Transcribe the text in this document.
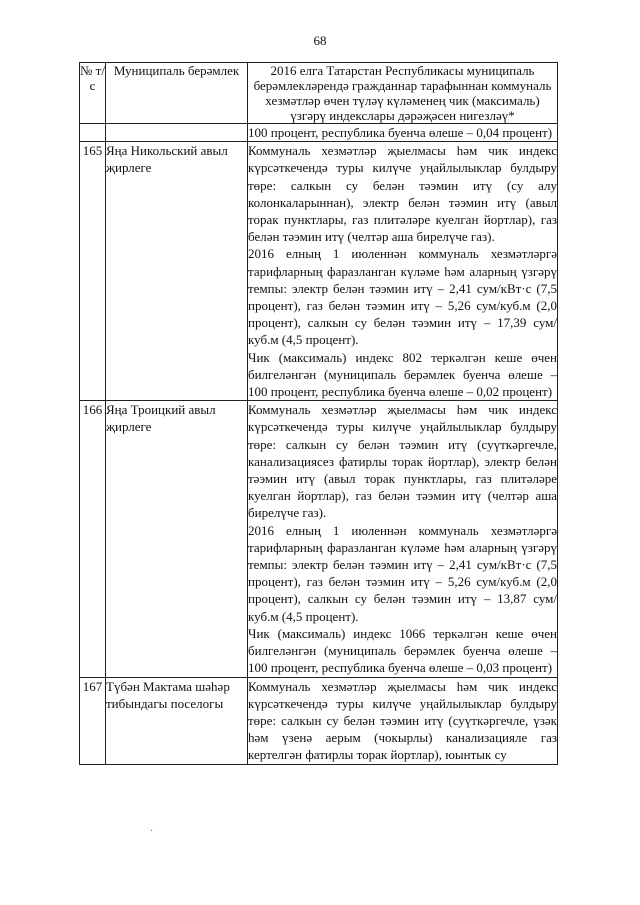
68
№ т/с	Муниципаль берәмлек	2016 елга Татарстан Республикасы муниципаль берәмлекләрендә гражданнар тарафыннан коммуналь хезмәтләр өчен түләү күләменең чик (максималь) үзгәрү индекслары дәрәҗәсен нигезләү*

		100 процент, республика буенча өлеше – 0,04 процент)

165	Яңа Никольский авыл җирлеге	Коммуналь хезмәтләр җыелмасы һәм чик индекс күрсәткечендә туры килүче уңайлылыклар булдыру төре: салкын су белән тәэмин итү (су алу колонкаларыннан), электр белән тәэмин итү (авыл торак пунктлары, газ плитәләре куелган йортлар), газ белән тәэмин итү (челтәр аша бирелүче газ).

2016 елның 1 июленнән коммуналь хезмәтләргә тарифларның фаразланган күләме һәм аларның үзгәрү темпы: электр белән тәэмин итү – 2,41 сум/кВт·с (7,5 процент), газ белән тәэмин итү – 5,26 сум/куб.м (2,0 процент), салкын су белән тәэмин итү – 17,39 сум/куб.м (4,5 процент).

Чик (максималь) индекс 802 теркәлгән кеше өчен билгеләнгән (муниципаль берәмлек буенча өлеше – 100 процент, республика буенча өлеше – 0,02 процент)

166	Яңа Троицкий авыл җирлеге	Коммуналь хезмәтләр җыелмасы һәм чик индекс күрсәткечендә туры килүче уңайлылыклар булдыру төре: салкын су белән тәэмин итү (суүткәргечле, канализациясез фатирлы торак йортлар), электр белән тәэмин итү (авыл торак пунктлары, газ плитәләре куелган йортлар), газ белән тәэмин итү (челтәр аша бирелүче газ).

2016 елның 1 июленнән коммуналь хезмәтләргә тарифларның фаразланган күләме һәм аларның үзгәрү темпы: электр белән тәэмин итү – 2,41 сум/кВт·с (7,5 процент), газ белән тәэмин итү – 5,26 сум/куб.м (2,0 процент), салкын су белән тәэмин итү – 13,87 сум/куб.м (4,5 процент).

Чик (максималь) индекс 1066 теркәлгән кеше өчен билгеләнгән (муниципаль берәмлек буенча өлеше – 100 процент, республика буенча өлеше – 0,03 процент)

167	Түбән Мактама шәһәр тибындагы поселогы	Коммуналь хезмәтләр җыелмасы һәм чик индекс күрсәткечендә туры килүче уңайлылыклар булдыру төре: салкын су белән тәэмин итү (суүткәргечле, үзәк һәм үзенә аерым (чокырлы) канализацияле газ кертелгән фатирлы торак йортлар), юынтык су

·
